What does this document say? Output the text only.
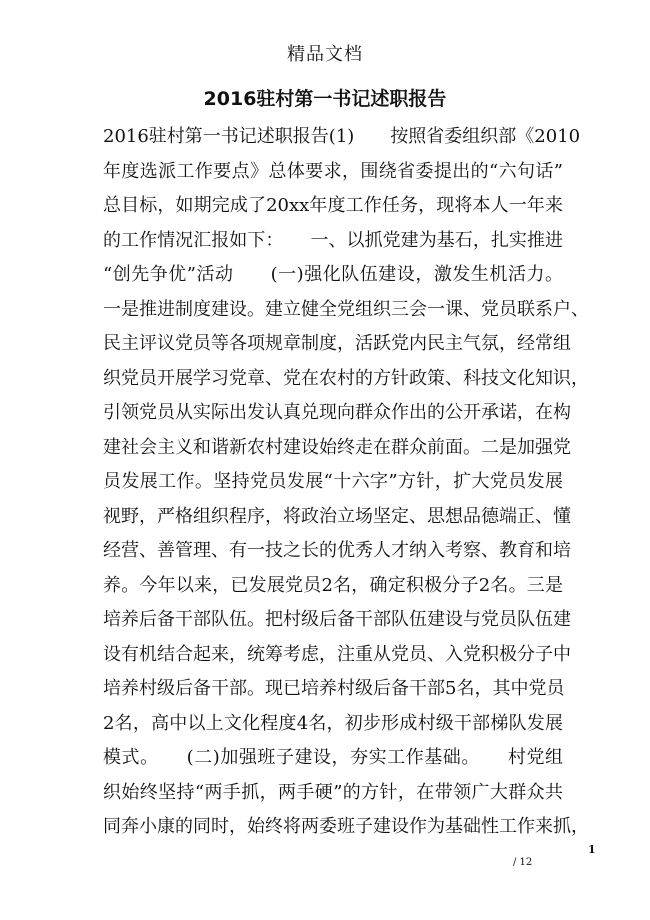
精品文档
2016驻村第一书记述职报告
2016驻村第一书记述职报告(1)　　按照省委组织部《2010
年度选派工作要点》总体要求，围绕省委提出的“六句话”
总目标，如期完成了20xx年度工作任务，现将本人一年来
的工作情况汇报如下：　　一、以抓党建为基石，扎实推进
“创先争优”活动　　(一)强化队伍建设，激发生机活力。
一是推进制度建设。建立健全党组织三会一课、党员联系户、
民主评议党员等各项规章制度，活跃党内民主气氛，经常组
织党员开展学习党章、党在农村的方针政策、科技文化知识，
引领党员从实际出发认真兑现向群众作出的公开承诺，在构
建社会主义和谐新农村建设始终走在群众前面。二是加强党
员发展工作。坚持党员发展“十六字”方针，扩大党员发展
视野，严格组织程序，将政治立场坚定、思想品德端正、懂
经营、善管理、有一技之长的优秀人才纳入考察、教育和培
养。今年以来，已发展党员2名，确定积极分子2名。三是
培养后备干部队伍。把村级后备干部队伍建设与党员队伍建
设有机结合起来，统筹考虑，注重从党员、入党积极分子中
培养村级后备干部。现已培养村级后备干部5名，其中党员
2名，高中以上文化程度4名，初步形成村级干部梯队发展
模式。　　(二)加强班子建设，夯实工作基础。　　村党组
织始终坚持“两手抓，两手硬”的方针，在带领广大群众共
同奔小康的同时，始终将两委班子建设作为基础性工作来抓，
1
/ 12
